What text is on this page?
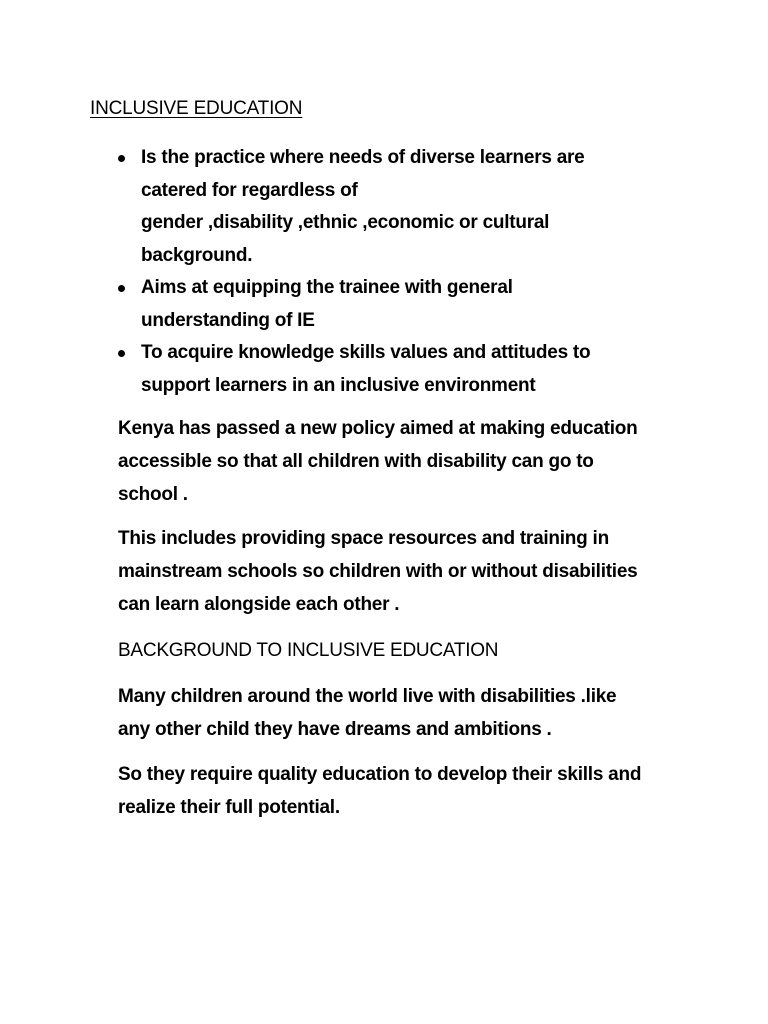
INCLUSIVE EDUCATION
Is the practice where needs of diverse learners are
catered for regardless of
gender ,disability ,ethnic ,economic or cultural
background.
Aims at equipping the trainee with general
understanding of IE
To acquire knowledge skills values and attitudes to
support learners in an inclusive environment

Kenya has passed a new policy aimed at making education
accessible so that all children with disability can go to
school .

This includes providing space resources and training in
mainstream schools so children with or without disabilities
can learn alongside each other .

BACKGROUND TO INCLUSIVE EDUCATION

Many children around the world live with disabilities .like
any other child they have dreams and ambitions .

So they require quality education to develop their skills and
realize their full potential.
